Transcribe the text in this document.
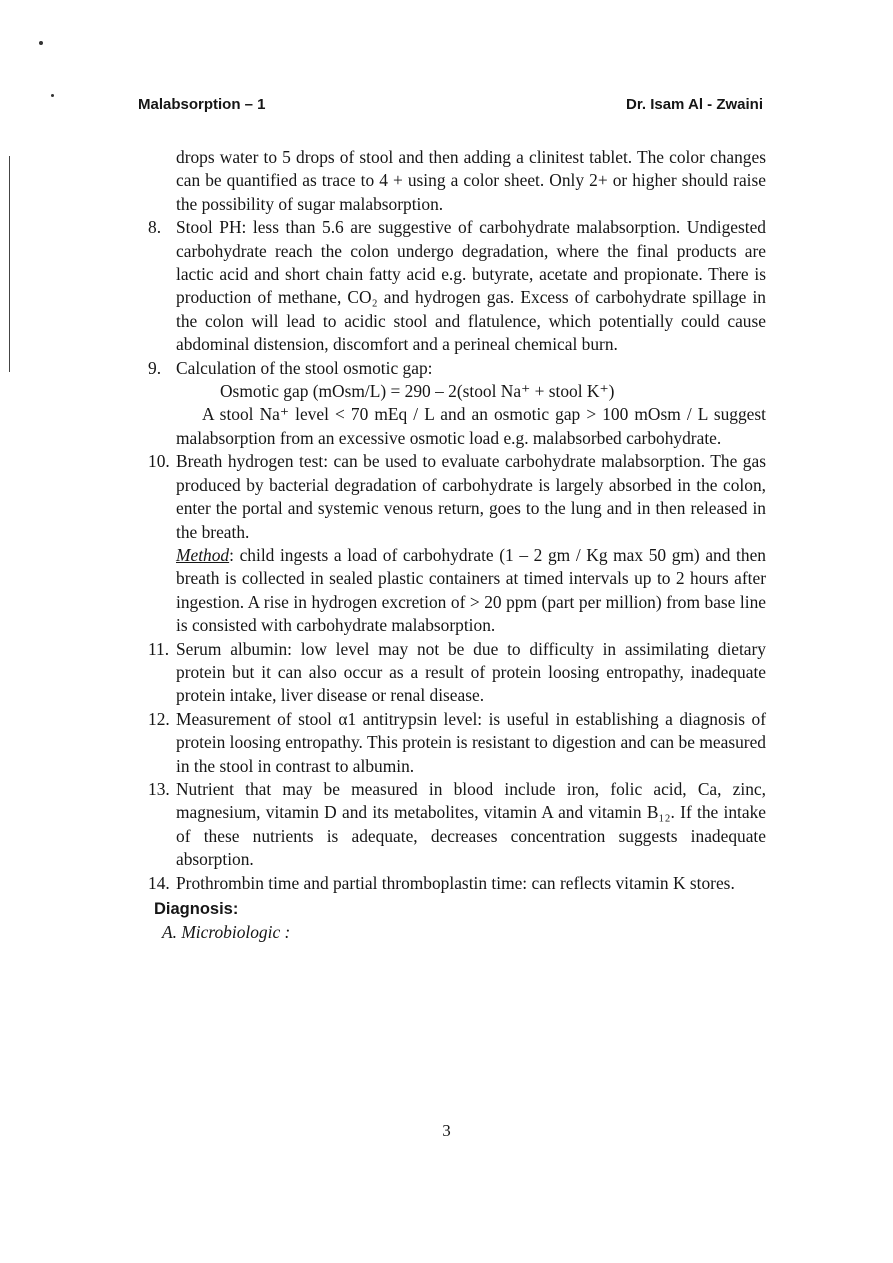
Malabsorption – 1	Dr. Isam Al - Zwaini
drops water to 5 drops of stool and then adding a clinitest tablet. The color changes can be quantified as trace to 4 + using a color sheet. Only 2+ or higher should raise the possibility of sugar malabsorption.
8. Stool PH: less than 5.6 are suggestive of carbohydrate malabsorption. Undigested carbohydrate reach the colon undergo degradation, where the final products are lactic acid and short chain fatty acid e.g. butyrate, acetate and propionate. There is production of methane, CO₂ and hydrogen gas. Excess of carbohydrate spillage in the colon will lead to acidic stool and flatulence, which potentially could cause abdominal distension, discomfort and a perineal chemical burn.
9. Calculation of the stool osmotic gap:
Osmotic gap (mOsm/L) = 290 – 2(stool Na⁺ + stool K⁺)
A stool Na⁺ level < 70 mEq / L and an osmotic gap > 100 mOsm / L suggest malabsorption from an excessive osmotic load e.g. malabsorbed carbohydrate.
10. Breath hydrogen test: can be used to evaluate carbohydrate malabsorption. The gas produced by bacterial degradation of carbohydrate is largely absorbed in the colon, enter the portal and systemic venous return, goes to the lung and in then released in the breath.
Method: child ingests a load of carbohydrate (1 – 2 gm / Kg max 50 gm) and then breath is collected in sealed plastic containers at timed intervals up to 2 hours after ingestion. A rise in hydrogen excretion of > 20 ppm (part per million) from base line is consisted with carbohydrate malabsorption.
11. Serum albumin: low level may not be due to difficulty in assimilating dietary protein but it can also occur as a result of protein loosing entropathy, inadequate protein intake, liver disease or renal disease.
12. Measurement of stool α1 antitrypsin level: is useful in establishing a diagnosis of protein loosing entropathy. This protein is resistant to digestion and can be measured in the stool in contrast to albumin.
13. Nutrient that may be measured in blood include iron, folic acid, Ca, zinc, magnesium, vitamin D and its metabolites, vitamin A and vitamin B₁₂. If the intake of these nutrients is adequate, decreases concentration suggests inadequate absorption.
14. Prothrombin time and partial thromboplastin time: can reflects vitamin K stores.
Diagnosis:
A. Microbiologic :
3
